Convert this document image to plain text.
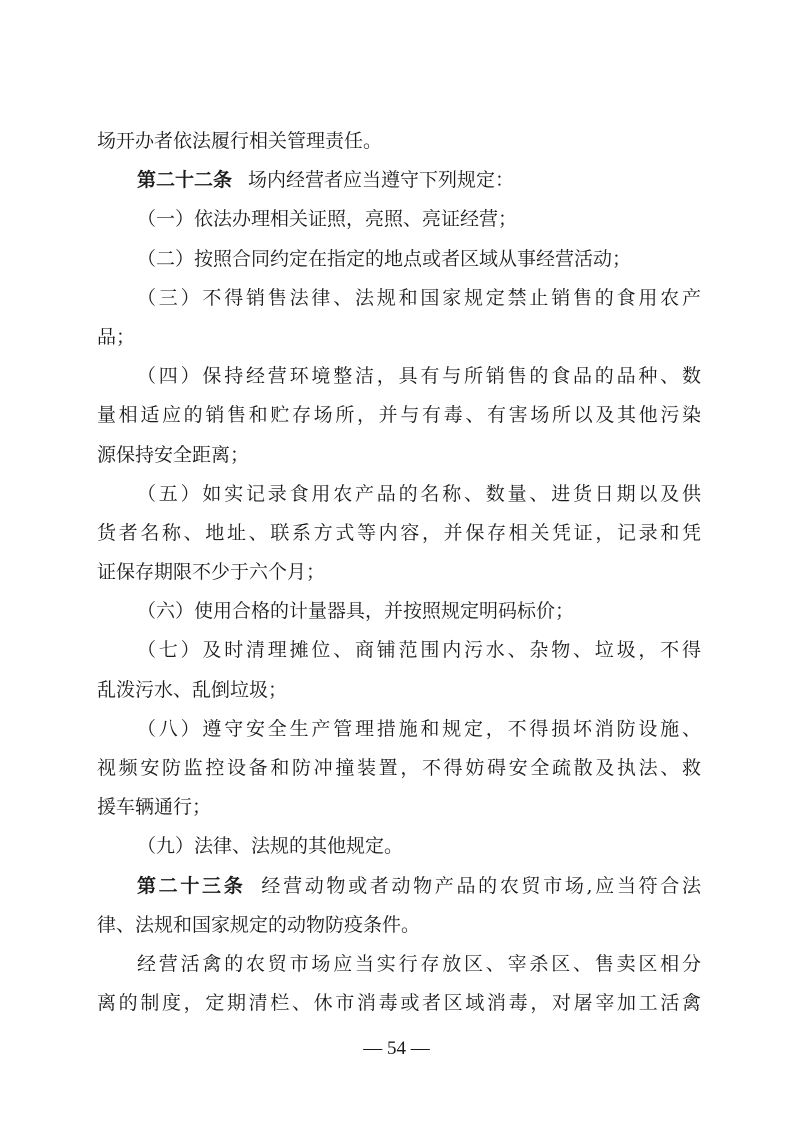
场开办者依法履行相关管理责任。
第二十二条 场内经营者应当遵守下列规定：
（一）依法办理相关证照，亮照、亮证经营；
（二）按照合同约定在指定的地点或者区域从事经营活动；
（三）不得销售法律、法规和国家规定禁止销售的食用农产
品；
（四）保持经营环境整洁，具有与所销售的食品的品种、数
量相适应的销售和贮存场所，并与有毒、有害场所以及其他污染
源保持安全距离；
（五）如实记录食用农产品的名称、数量、进货日期以及供
货者名称、地址、联系方式等内容，并保存相关凭证，记录和凭
证保存期限不少于六个月；
（六）使用合格的计量器具，并按照规定明码标价；
（七）及时清理摊位、商铺范围内污水、杂物、垃圾，不得
乱泼污水、乱倒垃圾；
（八）遵守安全生产管理措施和规定，不得损坏消防设施、
视频安防监控设备和防冲撞装置，不得妨碍安全疏散及执法、救
援车辆通行；
（九）法律、法规的其他规定。
第二十三条 经营动物或者动物产品的农贸市场,应当符合法
律、法规和国家规定的动物防疫条件。
经营活禽的农贸市场应当实行存放区、宰杀区、售卖区相分
离的制度，定期清栏、休市消毒或者区域消毒，对屠宰加工活禽
— 54 —
